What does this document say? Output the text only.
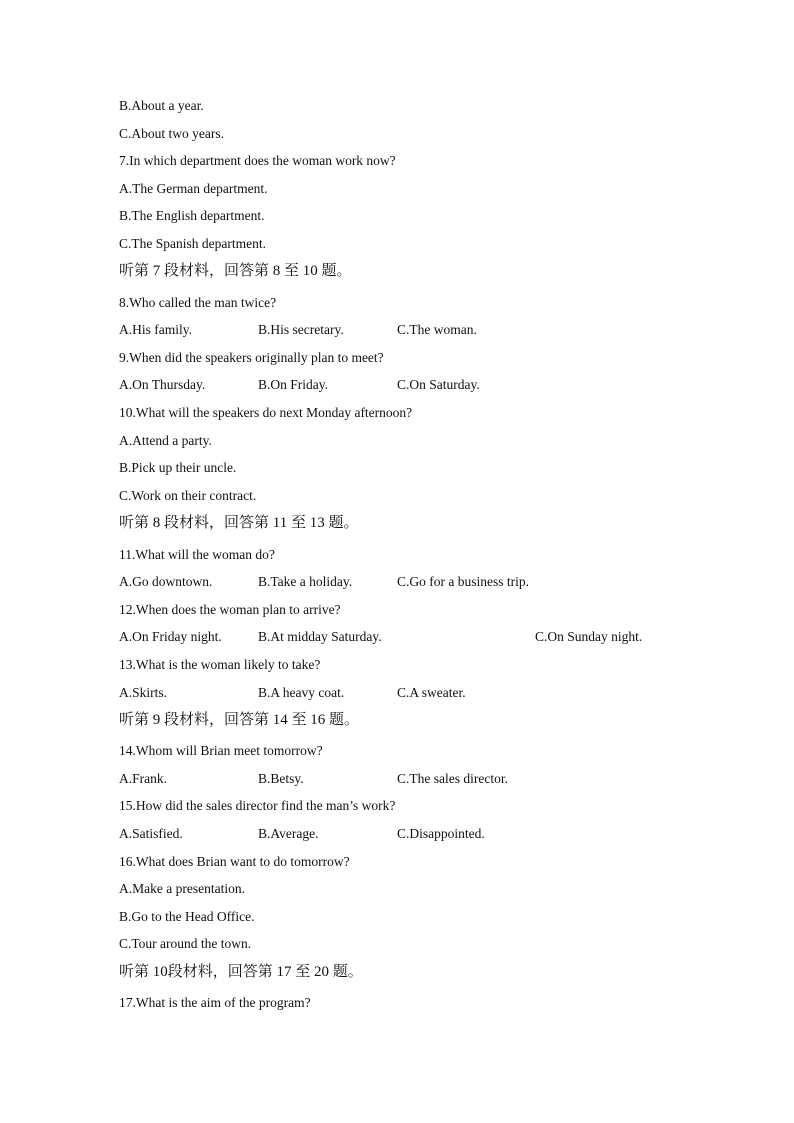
B.About a year.
C.About two years.
7.In which department does the woman work now?
A.The German department.
B.The English department.
C.The Spanish department.
听第 7 段材料，回答第 8 至 10 题。
8.Who called the man twice?
A.His family.	B.His secretary.	C.The woman.
9.When did the speakers originally plan to meet?
A.On Thursday.	B.On Friday.	C.On Saturday.
10.What will the speakers do next Monday afternoon?
A.Attend a party.
B.Pick up their uncle.
C.Work on their contract.
听第 8 段材料，回答第 11 至 13 题。
11.What will the woman do?
A.Go downtown.	B.Take a holiday.	C.Go for a business trip.
12.When does the woman plan to arrive?
A.On Friday night.	B.At midday Saturday.	C.On Sunday night.
13.What is the woman likely to take?
A.Skirts.	B.A heavy coat.	C.A sweater.
听第 9 段材料，回答第 14 至 16 题。
14.Whom will Brian meet tomorrow?
A.Frank.	B.Betsy.	C.The sales director.
15.How did the sales director find the man’s work?
A.Satisfied.	B.Average.	C.Disappointed.
16.What does Brian want to do tomorrow?
A.Make a presentation.
B.Go to the Head Office.
C.Tour around the town.
听第 10段材料，回答第 17 至 20 题。
17.What is the aim of the program?
